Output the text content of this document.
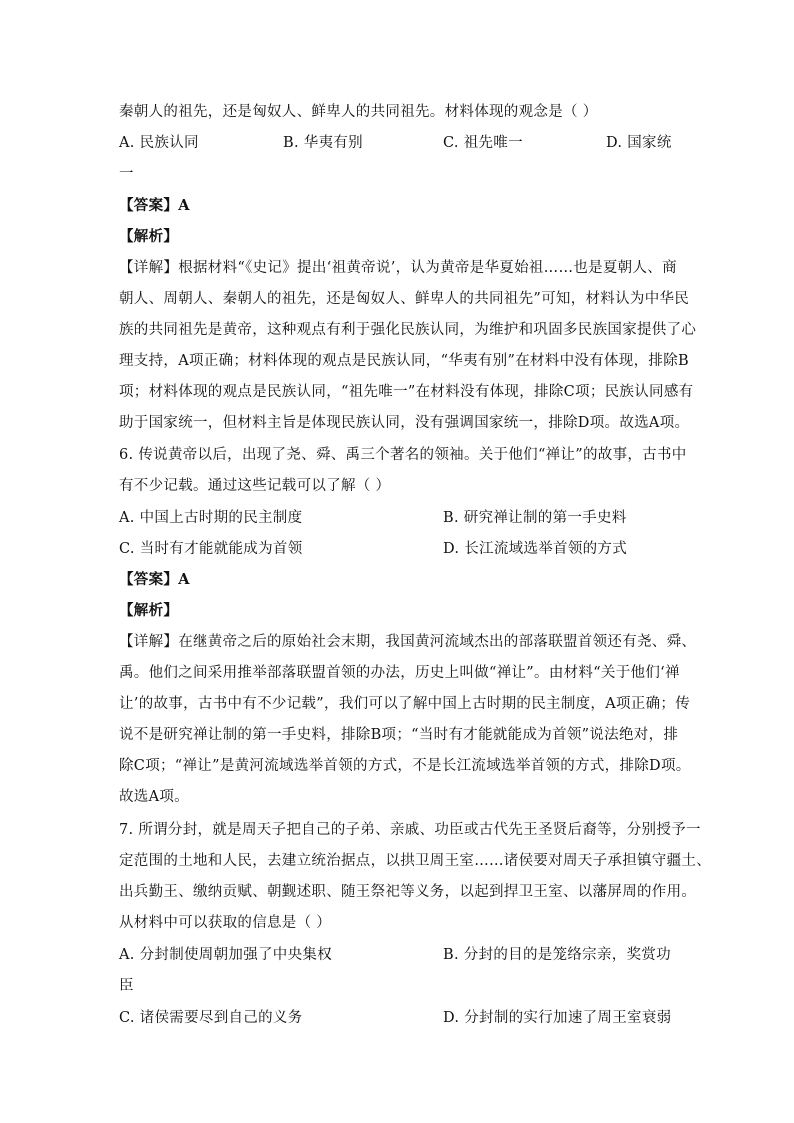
秦朝人的祖先，还是匈奴人、鲜卑人的共同祖先。材料体现的观念是（ ）
A. 民族认同	B. 华夷有别	C. 祖先唯一	D. 国家统
一
【答案】A
【解析】
【详解】根据材料“《史记》提出‘祖黄帝说’，认为黄帝是华夏始祖……也是夏朝人、商
朝人、周朝人、秦朝人的祖先，还是匈奴人、鲜卑人的共同祖先”可知，材料认为中华民
族的共同祖先是黄帝，这种观点有利于强化民族认同，为维护和巩固多民族国家提供了心
理支持，A项正确；材料体现的观点是民族认同，“华夷有别”在材料中没有体现，排除B
项；材料体现的观点是民族认同，“祖先唯一”在材料没有体现，排除C项；民族认同感有
助于国家统一，但材料主旨是体现民族认同，没有强调国家统一，排除D项。故选A项。
6. 传说黄帝以后，出现了尧、舜、禹三个著名的领袖。关于他们“禅让”的故事，古书中
有不少记载。通过这些记载可以了解（ ）
A. 中国上古时期的民主制度	B. 研究禅让制的第一手史料
C. 当时有才能就能成为首领	D. 长江流域选举首领的方式
【答案】A
【解析】
【详解】在继黄帝之后的原始社会末期，我国黄河流域杰出的部落联盟首领还有尧、舜、
禹。他们之间采用推举部落联盟首领的办法，历史上叫做“禅让”。由材料“关于他们‘禅
让’的故事，古书中有不少记载”，我们可以了解中国上古时期的民主制度，A项正确；传
说不是研究禅让制的第一手史料，排除B项；“当时有才能就能成为首领”说法绝对，排
除C项；“禅让”是黄河流域选举首领的方式，不是长江流域选举首领的方式，排除D项。
故选A项。
7. 所谓分封，就是周天子把自己的子弟、亲戚、功臣或古代先王圣贤后裔等，分别授予一
定范围的土地和人民，去建立统治据点，以拱卫周王室……诸侯要对周天子承担镇守疆土、
出兵勤王、缴纳贡赋、朝觐述职、随王祭祀等义务，以起到捍卫王室、以藩屏周的作用。
从材料中可以获取的信息是（ ）
A. 分封制使周朝加强了中央集权	B. 分封的目的是笼络宗亲，奖赏功
臣
C. 诸侯需要尽到自己的义务	D. 分封制的实行加速了周王室衰弱
